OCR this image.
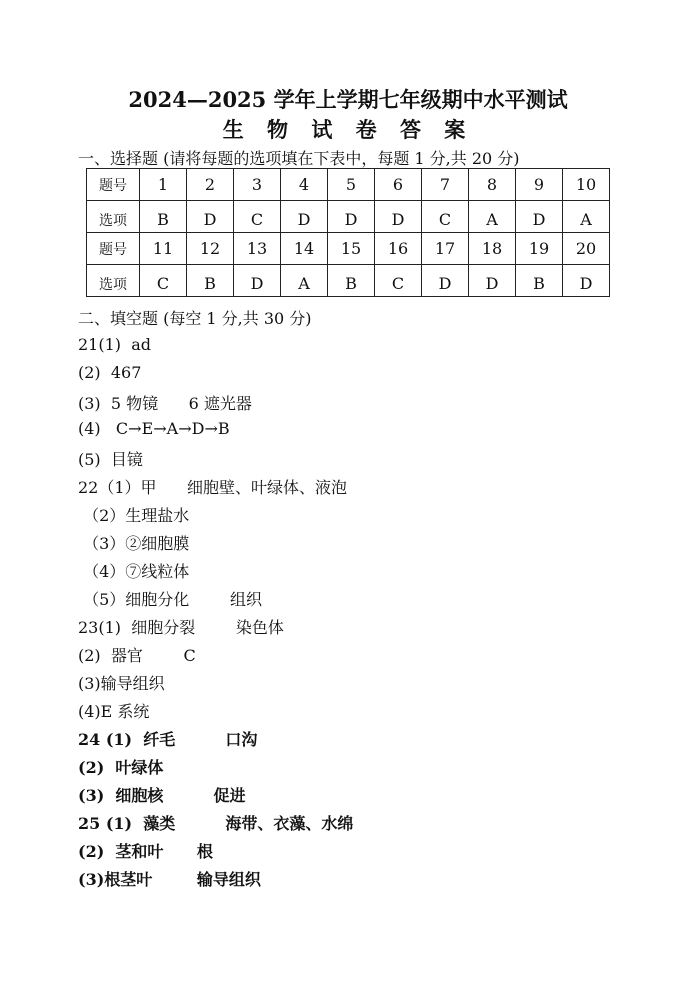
2024—2025 学年上学期七年级期中水平测试
生 物 试 卷 答 案
一、选择题 (请将每题的选项填在下表中，每题 1 分,共 20 分)
题号	1	2	3	4	5	6	7	8	9	10
选项	B	D	C	D	D	D	C	A	D	A
题号	11	12	13	14	15	16	17	18	19	20
选项	C	B	D	A	B	C	D	D	B	D
二、填空题 (每空 1 分,共 30 分)
21(1)  ad
(2)  467
(3)  5 物镜      6 遮光器
(4)   C→E→A→D→B
(5)  目镜
22（1）甲      细胞壁、叶绿体、液泡
（2）生理盐水
（3）②细胞膜
（4）⑦线粒体
（5）细胞分化        组织
23(1)  细胞分裂        染色体
(2)  器官        C
(3)输导组织
(4)E 系统
24 (1)  纤毛         口沟
(2)  叶绿体
(3)  细胞核         促进
25 (1)  藻类         海带、衣藻、水绵
(2)  茎和叶      根
(3)根茎叶        输导组织
